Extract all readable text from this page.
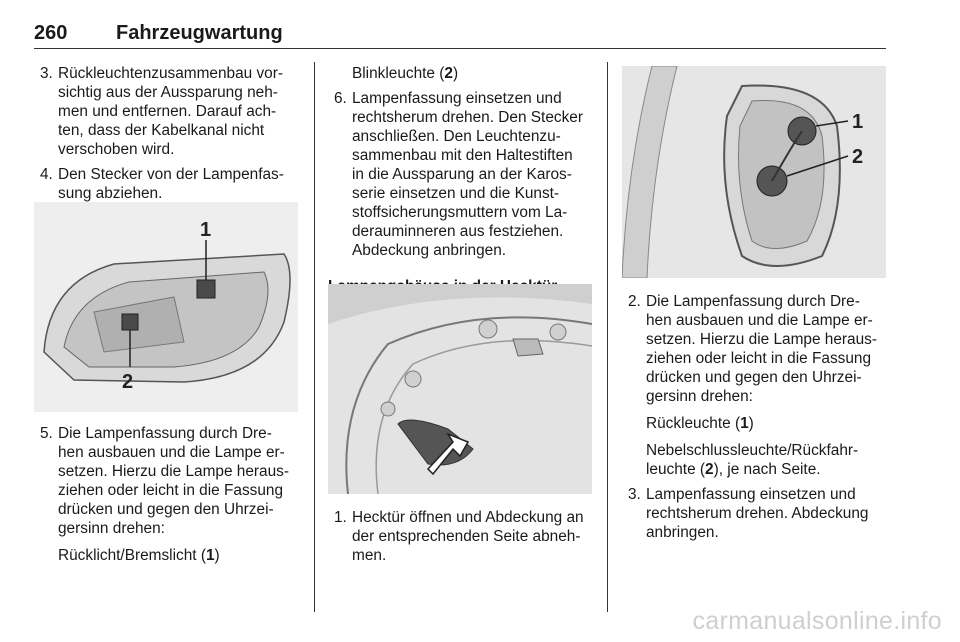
260 Fahrzeugwartung
3. Rückleuchtenzusammenbau vor-

sichtig aus der Aussparung neh-

men und entfernen. Darauf ach-

ten, dass der Kabelkanal nicht

verschoben wird.

4. Den Stecker von der Lampenfas-

sung abziehen.

1
2
5. Die Lampenfassung durch Dre-

hen ausbauen und die Lampe er-

setzen. Hierzu die Lampe heraus-

ziehen oder leicht in die Fassung

drücken und gegen den Uhrzei-

gersinn drehen:

Rücklicht/Bremslicht (1)

Blinkleuchte (2)

6. Lampenfassung einsetzen und

rechtsherum drehen. Den Stecker

anschließen. Den Leuchtenzu-

sammenbau mit den Haltestiften

in die Aussparung an der Karos-

serie einsetzen und die Kunst-

stoffsicherungsmuttern vom La-

derauminneren aus festziehen.

Abdeckung anbringen.

1. Hecktür öffnen und Abdeckung an

der entsprechenden Seite abneh-

men.

1
2
2. Die Lampenfassung durch Dre-

hen ausbauen und die Lampe er-

setzen. Hierzu die Lampe heraus-

ziehen oder leicht in die Fassung

drücken und gegen den Uhrzei-

gersinn drehen:

Rückleuchte (1)

Nebelschlussleuchte/Rückfahr-

leuchte (2), je nach Seite.

3. Lampenfassung einsetzen und

rechtsherum drehen. Abdeckung

anbringen.

carmanualsonline.info
